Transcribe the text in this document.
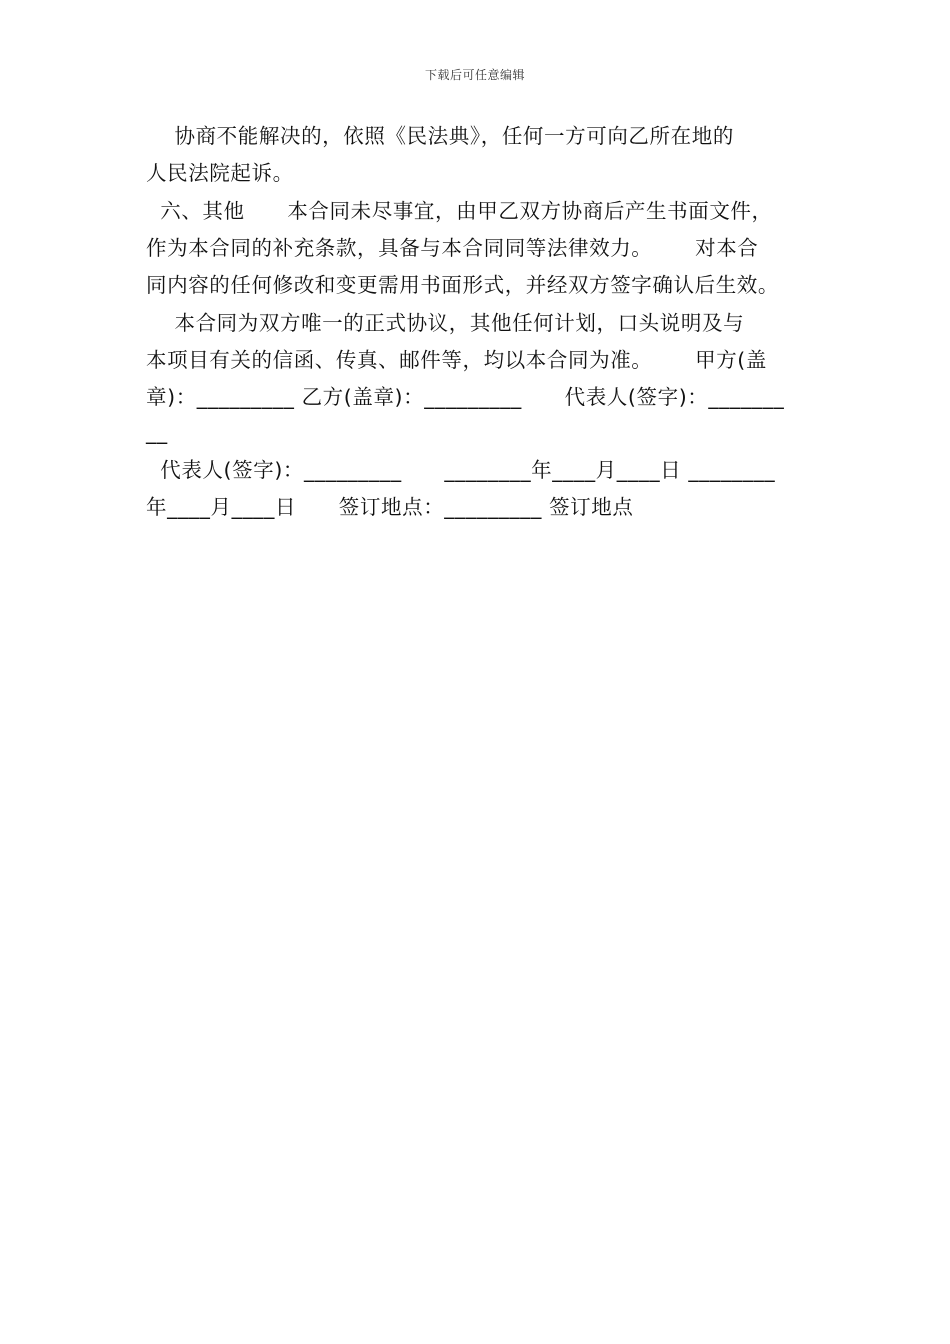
下载后可任意编辑
协商不能解决的，依照《民法典》，任何一方可向乙所在地的
人民法院起诉。
六、其他      本合同未尽事宜，由甲乙双方协商后产生书面文件，
作为本合同的补充条款，具备与本合同同等法律效力。      对本合
同内容的任何修改和变更需用书面形式，并经双方签字确认后生效。
本合同为双方唯一的正式协议，其他任何计划，口头说明及与
本项目有关的信函、传真、邮件等，均以本合同为准。      甲方(盖
章)：_________ 乙方(盖章)：_________      代表人(签字)：_______
__
代表人(签字)：_________      ________年____月____日 ________
年____月____日      签订地点：_________ 签订地点
